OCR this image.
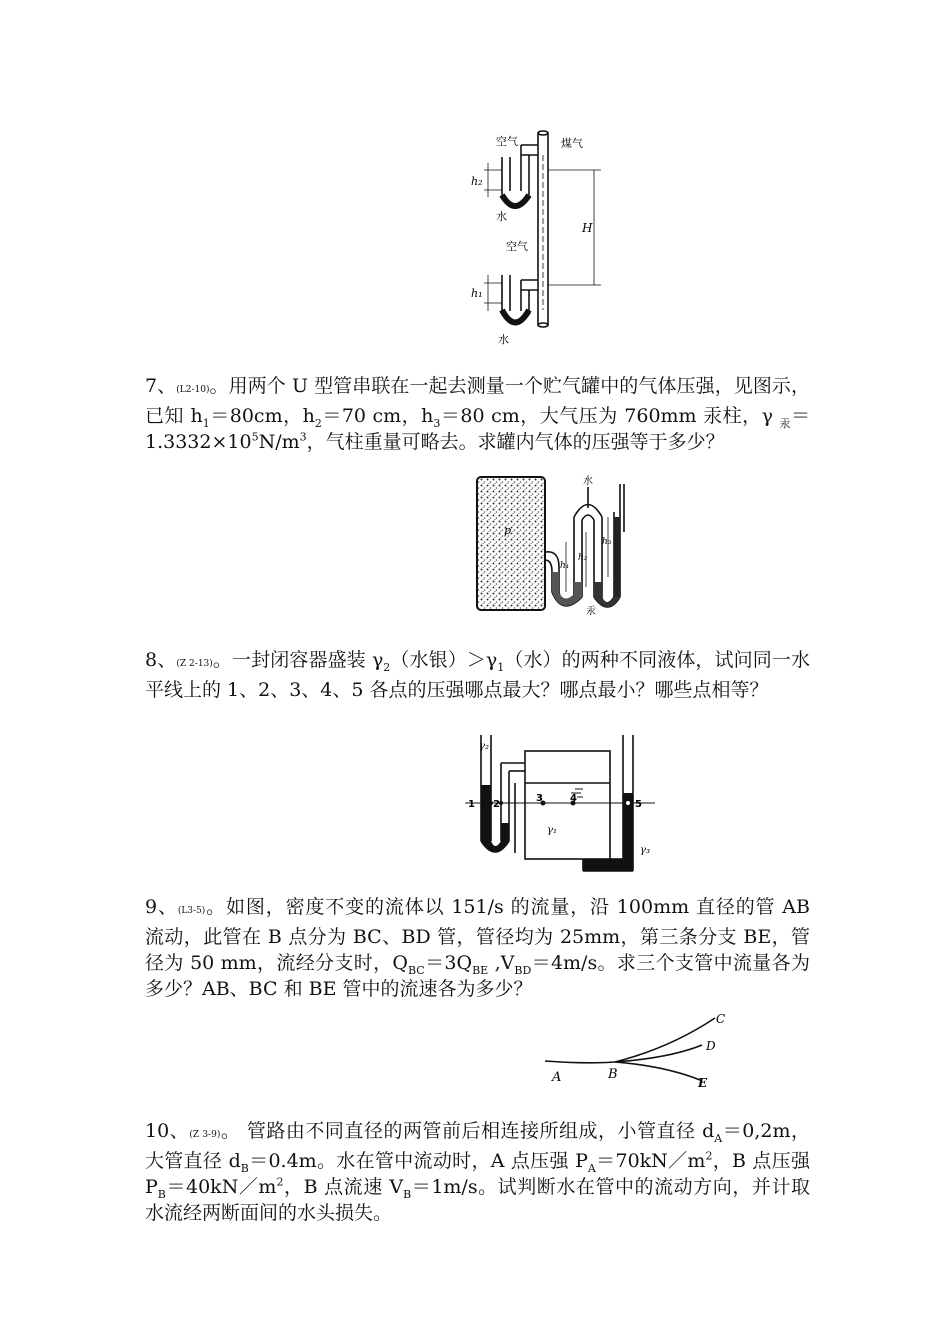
空气	煤气
h₂
水
空气
H
h₁
水
7、(L2-10)。用两个 U 型管串联在一起去测量一个贮气罐中的气体压强，见图示，已知 $h_1=80cm$，$h_2=70$ cm，$h_3=80$ cm，大气压为 760mm 汞柱，γ $_汞=1.3332\times 10^5N/m^3$，气柱重量可略去。求罐内气体的压强等于多少？
p
水
h₁
h₂
h₃
汞
8、(Z 2-13)。一封闭容器盛装 $\gamma_2$（水银）$>\gamma_1$（水）的两种不同液体，试问同一水平线上的 1、2、3、4、5 各点的压强哪点最大？哪点最小？哪些点相等？
γ₂
1 2
3	4
5
γ₁
γ₃
9、(L3-5)。如图，密度不变的流体以 151/s 的流量，沿 100mm 直径的管 AB 流动，此管在 B 点分为 BC、BD 管，管径均为 25mm，第三条分支 BE，管径为 50 mm，流经分支时，$Q_{BC}=3Q_{BE}$ $,V_{BD}=4m/s$。求三个支管中流量各为多少？AB、BC 和 BE 管中的流速各为多少？
A	B
C
D
E
10、(Z 3-9)。 管路由不同直径的两管前后相连接所组成，小管直径 $d_A=0,2m$，大管直径 $d_B=0.4m$。水在管中流动时，A 点压强 $P_A=70kN/m^2$，B 点压强 $P_B=40kN/m^2$，B 点流速 $V_B=1m/s$。试判断水在管中的流动方向，并计取水流经两断面间的水头损失。
